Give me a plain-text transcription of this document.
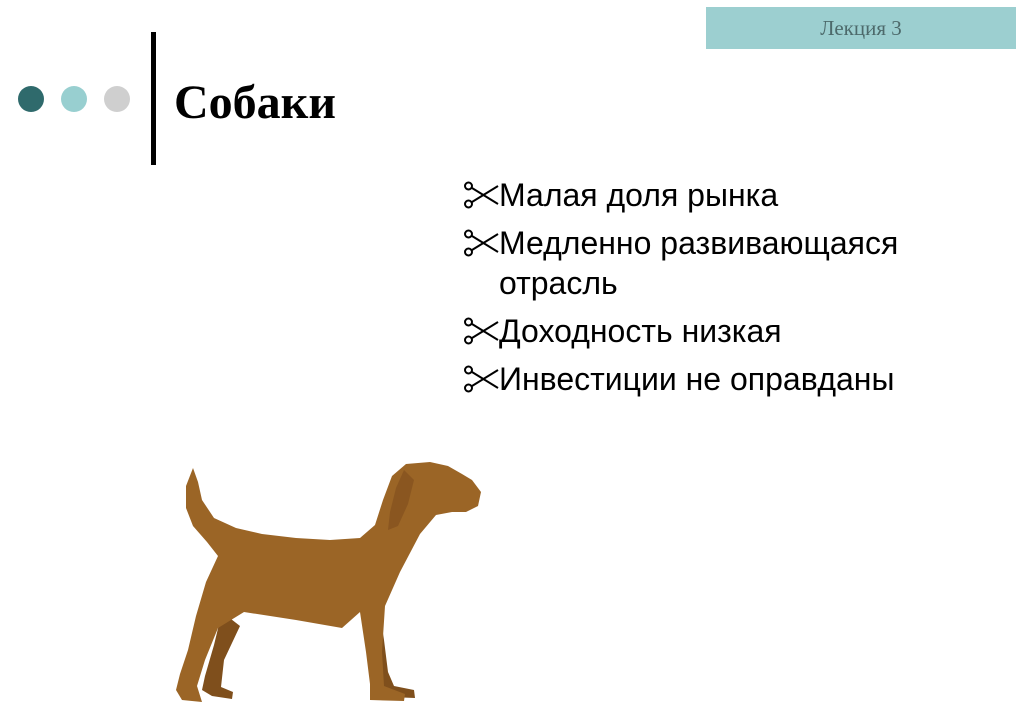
Лекция 3
Собаки
Малая доля рынка
Медленно развивающаяся отрасль
Доходность низкая
Инвестиции не оправданы
